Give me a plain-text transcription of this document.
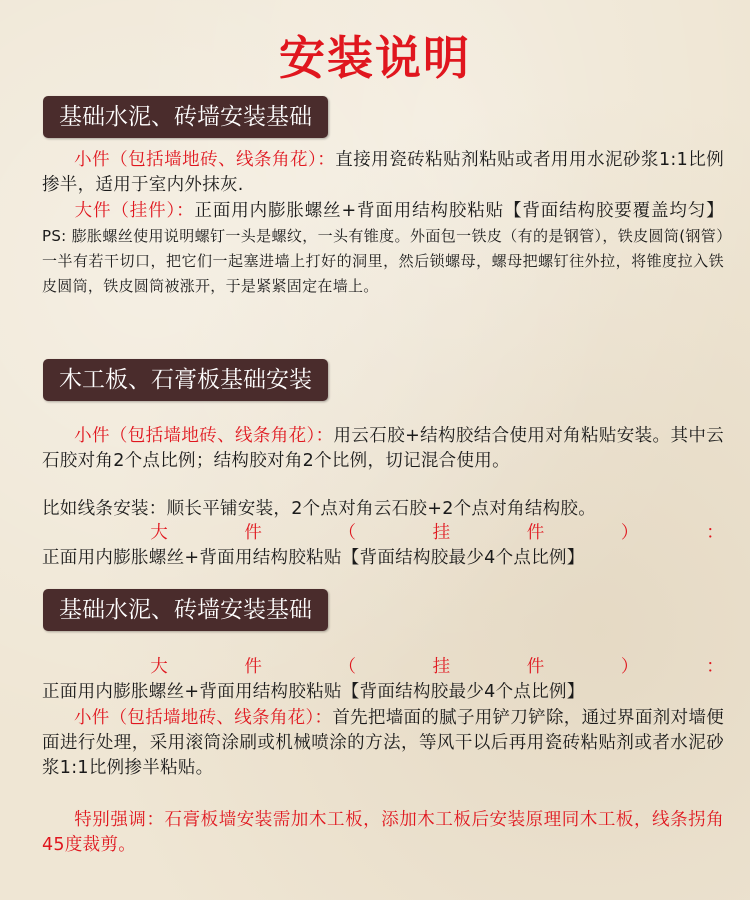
安装说明
基础水泥、砖墙安装基础
小件（包括墙地砖、线条角花）：直接用瓷砖粘贴剂粘贴或者用用水泥砂浆1:1比例掺半，适用于室内外抹灰.
大件（挂件）：正面用内膨胀螺丝+背面用结构胶粘贴【背面结构胶要覆盖均匀】 PS: 膨胀螺丝使用说明螺钉一头是螺纹，一头有锥度。外面包一铁皮（有的是钢管），铁皮圆筒(钢管）一半有若干切口，把它们一起塞进墙上打好的洞里，然后锁螺母，螺母把螺钉往外拉，将锥度拉入铁皮圆筒，铁皮圆筒被涨开，于是紧紧固定在墙上。
木工板、石膏板基础安装
小件（包括墙地砖、线条角花）：用云石胶+结构胶结合使用对角粘贴安装。其中云石胶对角2个点比例；结构胶对角2个比例，切记混合使用。
比如线条安装：顺长平铺安装，2个点对角云石胶+2个点对角结构胶。
大件（挂件）：正面用内膨胀螺丝+背面用结构胶粘贴【背面结构胶最少4个点比例】
基础水泥、砖墙安装基础
大件（挂件）：正面用内膨胀螺丝+背面用结构胶粘贴【背面结构胶最少4个点比例】
小件（包括墙地砖、线条角花）：首先把墙面的腻子用铲刀铲除，通过界面剂对墙便面进行处理，采用滚筒涂刷或机械喷涂的方法，等风干以后再用瓷砖粘贴剂或者水泥砂浆1:1比例掺半粘贴。
特别强调：石膏板墙安装需加木工板，添加木工板后安装原理同木工板，线条拐角45度裁剪。
